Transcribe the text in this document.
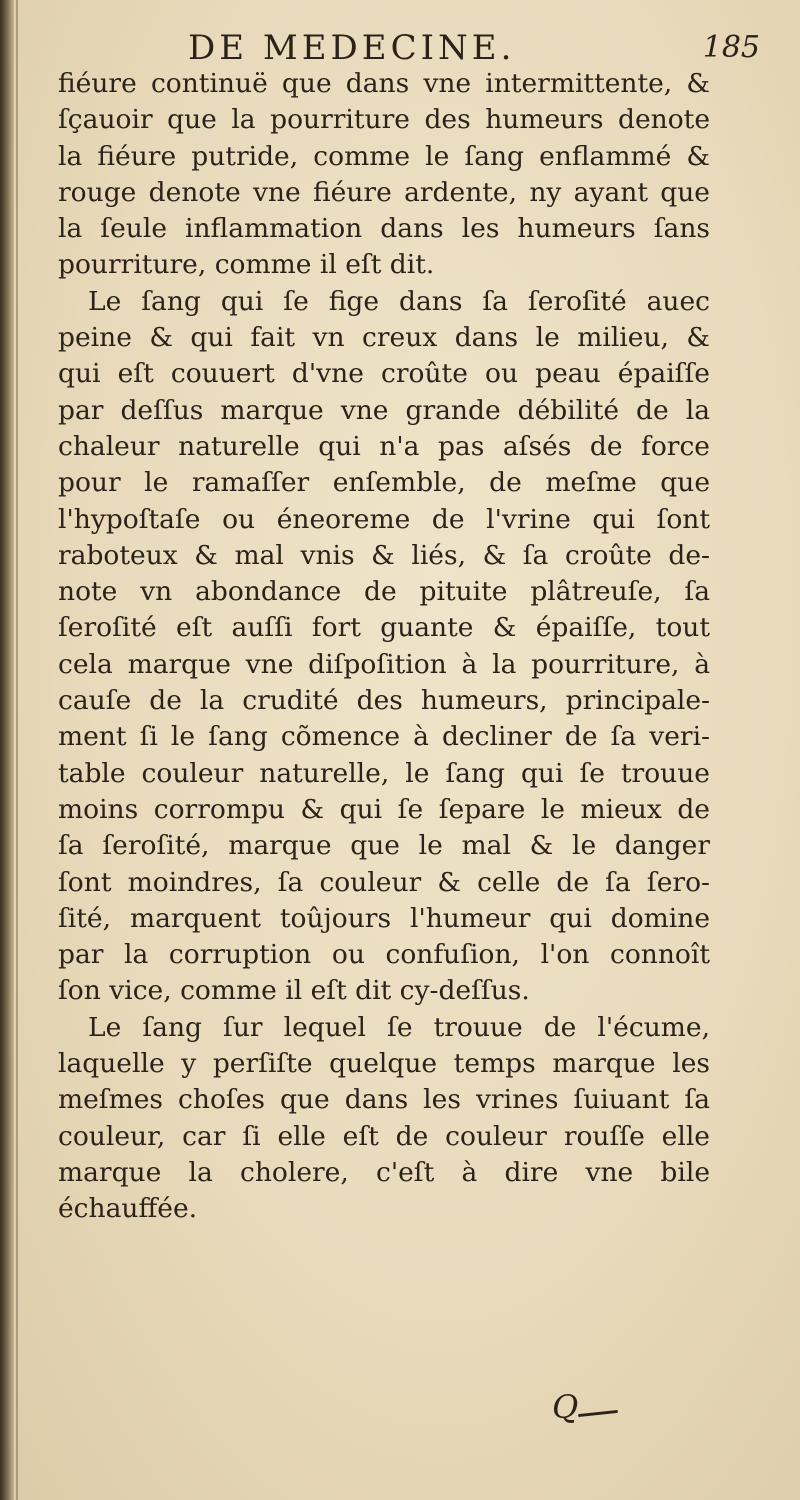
DE MEDECINE.	185
fiéure continuë que dans vne intermittente, &
ſçauoir que la pourriture des humeurs denote
la fiéure putride, comme le ſang enflammé &
rouge denote vne fiéure ardente, ny ayant que
la ſeule inflammation dans les humeurs ſans
pourriture, comme il eſt dit.
Le ſang qui ſe fige dans ſa ſeroſité auec
peine & qui fait vn creux dans le milieu, &
qui eſt couuert d'vne croûte ou peau épaiſſe
par deſſus marque vne grande débilité de la
chaleur naturelle qui n'a pas aſsés de force
pour le ramaſſer enſemble, de meſme que
l'hypoſtaſe ou éneoreme de l'vrine qui ſont
raboteux & mal vnis & liés, & ſa croûte de-
note vn abondance de pituite plâtreuſe, ſa
ſeroſité eſt auſſi fort guante & épaiſſe, tout
cela marque vne diſpoſition à la pourriture, à
cauſe de la crudité des humeurs, principale-
ment ſi le ſang cõmence à decliner de ſa veri-
table couleur naturelle, le ſang qui ſe trouue
moins corrompu & qui ſe ſepare le mieux de
ſa ſeroſité, marque que le mal & le danger
ſont moindres, ſa couleur & celle de ſa ſero-
ſité, marquent toûjours l'humeur qui domine
par la corruption ou confuſion, l'on connoît
ſon vice, comme il eſt dit cy-deſſus.
Le ſang ſur lequel ſe trouue de l'écume,
laquelle y perſiſte quelque temps marque les
meſmes choſes que dans les vrines ſuiuant ſa
couleur, car ſi elle eſt de couleur rouſſe elle
marque la cholere, c'eſt à dire vne bile
échauffée.
Q
